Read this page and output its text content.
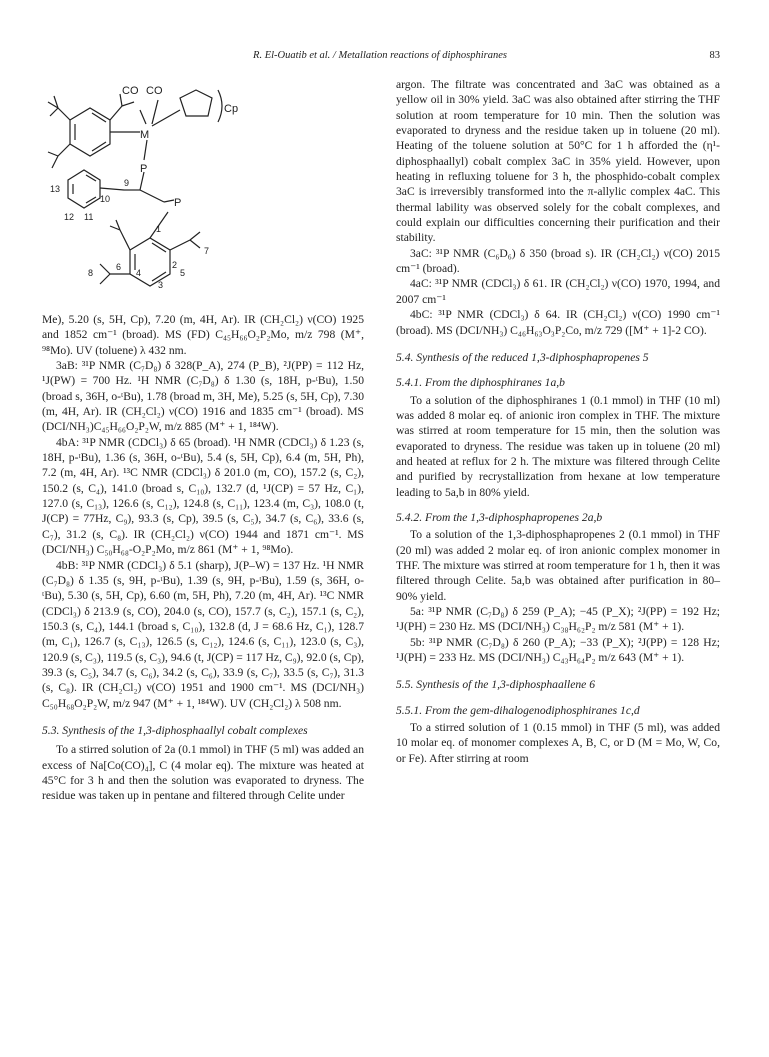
R. El-Ouatib et al. / Metallation reactions of diphosphiranes	83
CO CO
Cp
M
P
P
9
10
11
12
13
1
2
3
4	5
6
7
8

Me), 5.20 (s, 5H, Cp), 7.20 (m, 4H, Ar). IR (CH₂Cl₂) ν(CO) 1925 and 1852 cm⁻¹ (broad). MS (FD) C₄₅H₆₆O₂P₂Mo, m/z 798 (M⁺, ⁹⁸Mo). UV (toluene) λ 432 nm.

3aB: ³¹P NMR (C₇D₈) δ 328(P_A), 274 (P_B), ²J(PP) = 112 Hz, ¹J(PW) = 700 Hz. ¹H NMR (C₇D₈) δ 1.30 (s, 18H, p-ᵗBu), 1.50 (broad s, 36H, o-ᵗBu), 1.78 (broad m, 3H, Me), 5.25 (s, 5H, Cp), 7.30 (m, 4H, Ar). IR (CH₂Cl₂) ν(CO) 1916 and 1835 cm⁻¹ (broad). MS (DCI/NH₃)C₄₅H₆₆O₂P₂W, m/z 885 (M⁺ + 1, ¹⁸⁴W).

4bA: ³¹P NMR (CDCl₃) δ 65 (broad). ¹H NMR (CDCl₃) δ 1.23 (s, 18H, p-ᵗBu), 1.36 (s, 36H, o-ᵗBu), 5.4 (s, 5H, Cp), 6.4 (m, 5H, Ph), 7.2 (m, 4H, Ar). ¹³C NMR (CDCl₃) δ 201.0 (m, CO), 157.2 (s, C₂), 150.2 (s, C₄), 141.0 (broad s, C₁₀), 132.7 (d, ¹J(CP) = 57 Hz, C₁), 127.0 (s, C₁₃), 126.6 (s, C₁₂), 124.8 (s, C₁₁), 123.4 (m, C₃), 108.0 (t, J(CP) = 77Hz, C₉), 93.3 (s, Cp), 39.5 (s, C₅), 34.7 (s, C₆), 33.6 (s, C₇), 31.2 (s, C₈). IR (CH₂Cl₂) ν(CO) 1944 and 1871 cm⁻¹. MS (DCI/NH₃) C₅₀H₆₈-O₂P₂Mo, m/z 861 (M⁺ + 1, ⁹⁸Mo).

4bB: ³¹P NMR (CDCl₃) δ 5.1 (sharp), J(P–W) = 137 Hz. ¹H NMR (C₇D₈) δ 1.35 (s, 9H, p-ᵗBu), 1.39 (s, 9H, p-ᵗBu), 1.59 (s, 36H, o-ᵗBu), 5.30 (s, 5H, Cp), 6.60 (m, 5H, Ph), 7.20 (m, 4H, Ar). ¹³C NMR (CDCl₃) δ 213.9 (s, CO), 204.0 (s, CO), 157.7 (s, C₂), 157.1 (s, C₂), 150.3 (s, C₄), 144.1 (broad s, C₁₀), 132.8 (d, J = 68.6 Hz, C₁), 128.7 (m, C₁), 126.7 (s, C₁₃), 126.5 (s, C₁₂), 124.6 (s, C₁₁), 123.0 (s, C₃), 120.9 (s, C₃), 119.5 (s, C₃), 94.6 (t, J(CP) = 117 Hz, C₉), 92.0 (s, Cp), 39.3 (s, C₅), 34.7 (s, C₆), 34.2 (s, C₆), 33.9 (s, C₇), 33.5 (s, C₇), 31.3 (s, C₈). IR (CH₂Cl₂) ν(CO) 1951 and 1900 cm⁻¹. MS (DCI/NH₃) C₅₀H₆₈O₂P₂W, m/z 947 (M⁺ + 1, ¹⁸⁴W). UV (CH₂Cl₂) λ 508 nm.

5.3. Synthesis of the 1,3-diphosphaallyl cobalt complexes

To a stirred solution of 2a (0.1 mmol) in THF (5 ml) was added an excess of Na[Co(CO)₄], C (4 molar eq). The mixture was heated at 45°C for 3 h and then the solution was evaporated to dryness. The residue was taken up in pentane and filtered through Celite under

argon. The filtrate was concentrated and 3aC was obtained as a yellow oil in 30% yield. 3aC was also obtained after stirring the THF solution at room temperature for 10 min. Then the solution was evaporated to dryness and the residue taken up in toluene (20 ml). Heating of the toluene solution at 50°C for 1 h afforded the (η¹-diphosphaallyl) cobalt complex 3aC in 35% yield. However, upon heating in refluxing toluene for 3 h, the phosphido-cobalt complex 3aC is irreversibly transformed into the π-allylic complex 4aC. This thermal lability was observed solely for the cobalt complexes, and could explain our difficulties concerning their purification and their stability.

3aC: ³¹P NMR (C₆D₆) δ 350 (broad s). IR (CH₂Cl₂) ν(CO) 2015 cm⁻¹ (broad).

4aC: ³¹P NMR (CDCl₃) δ 61. IR (CH₂Cl₂) ν(CO) 1970, 1994, and 2007 cm⁻¹

4bC: ³¹P NMR (CDCl₃) δ 64. IR (CH₂Cl₂) ν(CO) 1990 cm⁻¹ (broad). MS (DCI/NH₃) C₄₆H₆₃O₃P₂Co, m/z 729 ([M⁺ + 1]-2 CO).

5.4. Synthesis of the reduced 1,3-diphosphapropenes 5

5.4.1. From the diphosphiranes 1a,b

To a solution of the diphosphiranes 1 (0.1 mmol) in THF (10 ml) was added 8 molar eq. of anionic iron complex in THF. The mixture was stirred at room temperature for 15 min, then the solution was evaporated to dryness. The residue was taken up in toluene (20 ml) and heated at reflux for 2 h. The mixture was filtered through Celite and purified by recrystallization from hexane at low temperature leading to 5a,b in 80% yield.

5.4.2. From the 1,3-diphosphapropenes 2a,b

To a solution of the 1,3-diphosphapropenes 2 (0.1 mmol) in THF (20 ml) was added 2 molar eq. of iron anionic complex monomer in THF. The mixture was stirred at room temperature for 1 h, then it was filtered through Celite. 5a,b was obtained after purification in 80–90% yield.

5a: ³¹P NMR (C₇D₈) δ 259 (P_A); −45 (P_X); ²J(PP) = 192 Hz; ¹J(PH) = 230 Hz. MS (DCI/NH₃) C₃₈H₆₂P₂ m/z 581 (M⁺ + 1).

5b: ³¹P NMR (C₇D₈) δ 260 (P_A); −33 (P_X); ²J(PP) = 128 Hz; ¹J(PH) = 233 Hz. MS (DCI/NH₃) C₄₃H₆₄P₂ m/z 643 (M⁺ + 1).

5.5. Synthesis of the 1,3-diphosphaallene 6

5.5.1. From the gem-dihalogenodiphosphiranes 1c,d

To a stirred solution of 1 (0.15 mmol) in THF (5 ml), was added 10 molar eq. of monomer complexes A, B, C, or D (M = Mo, W, Co, or Fe). After stirring at room
